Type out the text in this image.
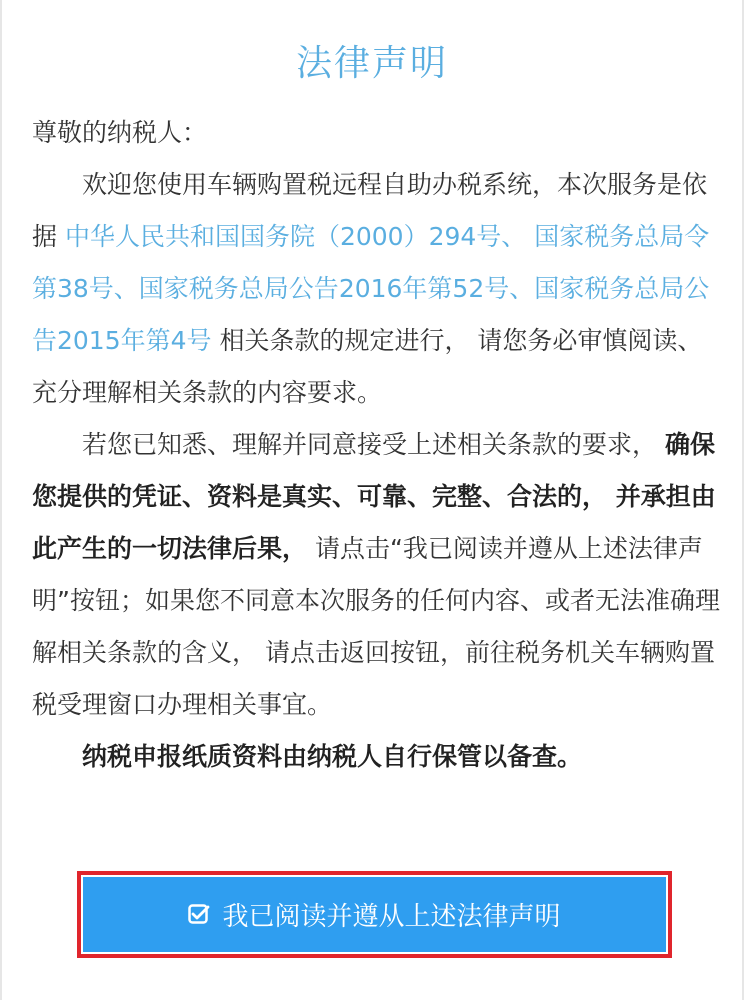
法律声明

尊敬的纳税人：

欢迎您使用车辆购置税远程自助办税系统，本次服务是依据 中华人民共和国国务院（2000）294号、 国家税务总局令第38号、国家税务总局公告2016年第52号、国家税务总局公告2015年第4号 相关条款的规定进行， 请您务必审慎阅读、充分理解相关条款的内容要求。

若您已知悉、理解并同意接受上述相关条款的要求， 确保您提供的凭证、资料是真实、可靠、完整、合法的， 并承担由此产生的一切法律后果， 请点击“我已阅读并遵从上述法律声明”按钮；如果您不同意本次服务的任何内容、或者无法准确理解相关条款的含义， 请点击返回按钮，前往税务机关车辆购置税受理窗口办理相关事宜。

纳税申报纸质资料由纳税人自行保管以备查。

我已阅读并遵从上述法律声明
